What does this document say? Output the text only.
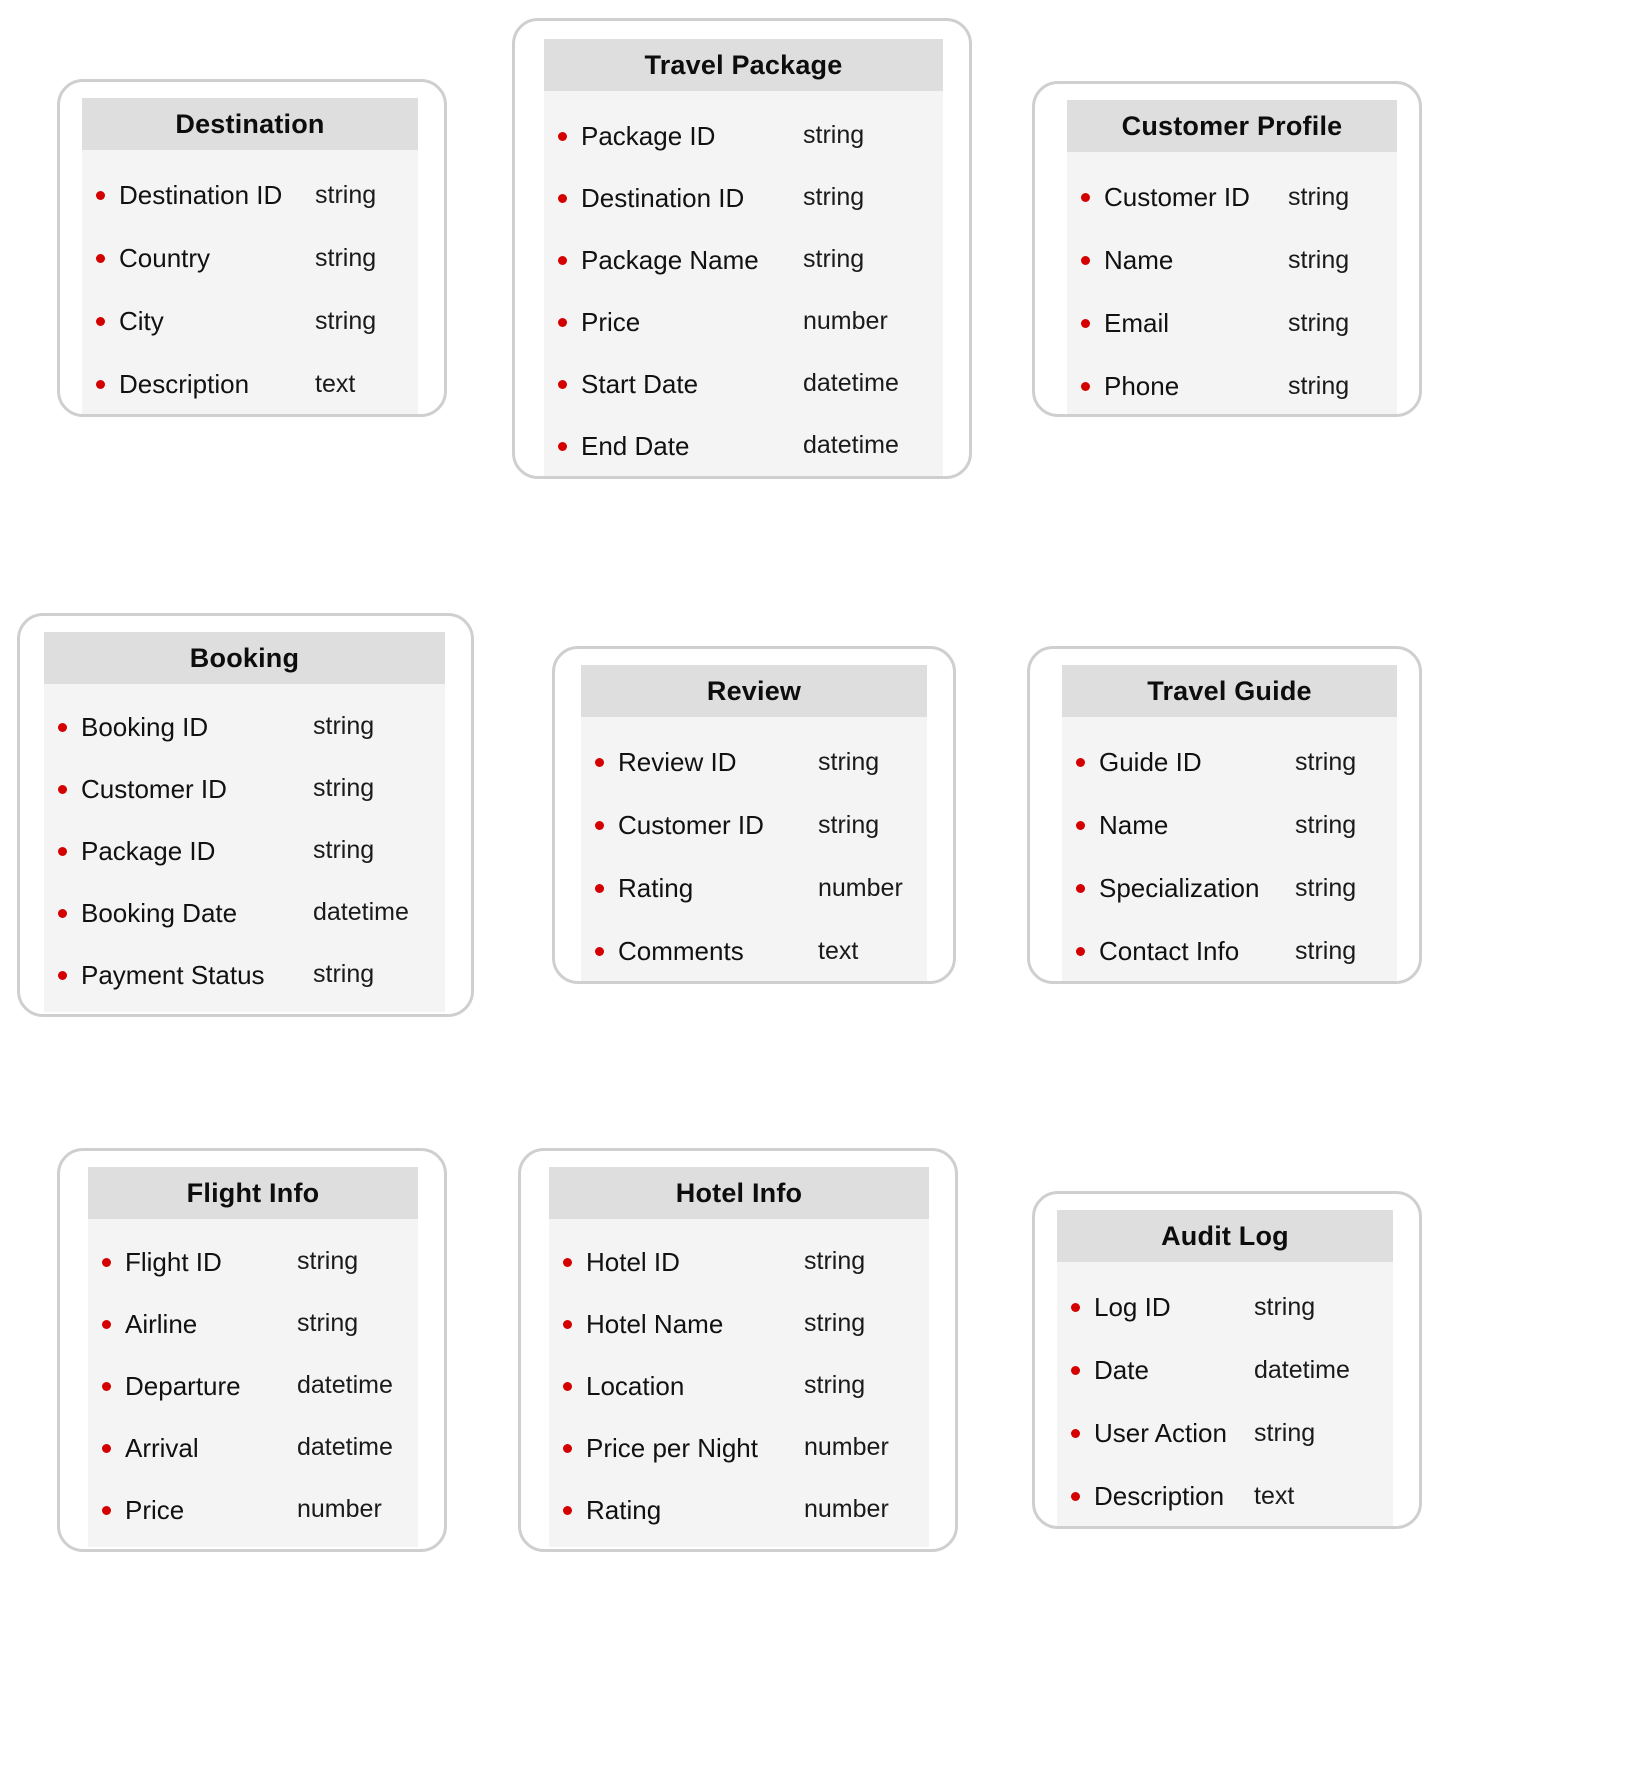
Destination
Destination ID	string
Country	string
City	string
Description	text
Travel Package
Package ID	string
Destination ID	string
Package Name	string
Price	number
Start Date	datetime
End Date	datetime
Customer Profile
Customer ID	string
Name	string
Email	string
Phone	string
Booking
Booking ID	string
Customer ID	string
Package ID	string
Booking Date	datetime
Payment Status	string
Review
Review ID	string
Customer ID	string
Rating	number
Comments	text
Travel Guide
Guide ID	string
Name	string
Specialization	string
Contact Info	string
Flight Info
Flight ID	string
Airline	string
Departure	datetime
Arrival	datetime
Price	number
Hotel Info
Hotel ID	string
Hotel Name	string
Location	string
Price per Night	number
Rating	number
Audit Log
Log ID	string
Date	datetime
User Action	string
Description	text
